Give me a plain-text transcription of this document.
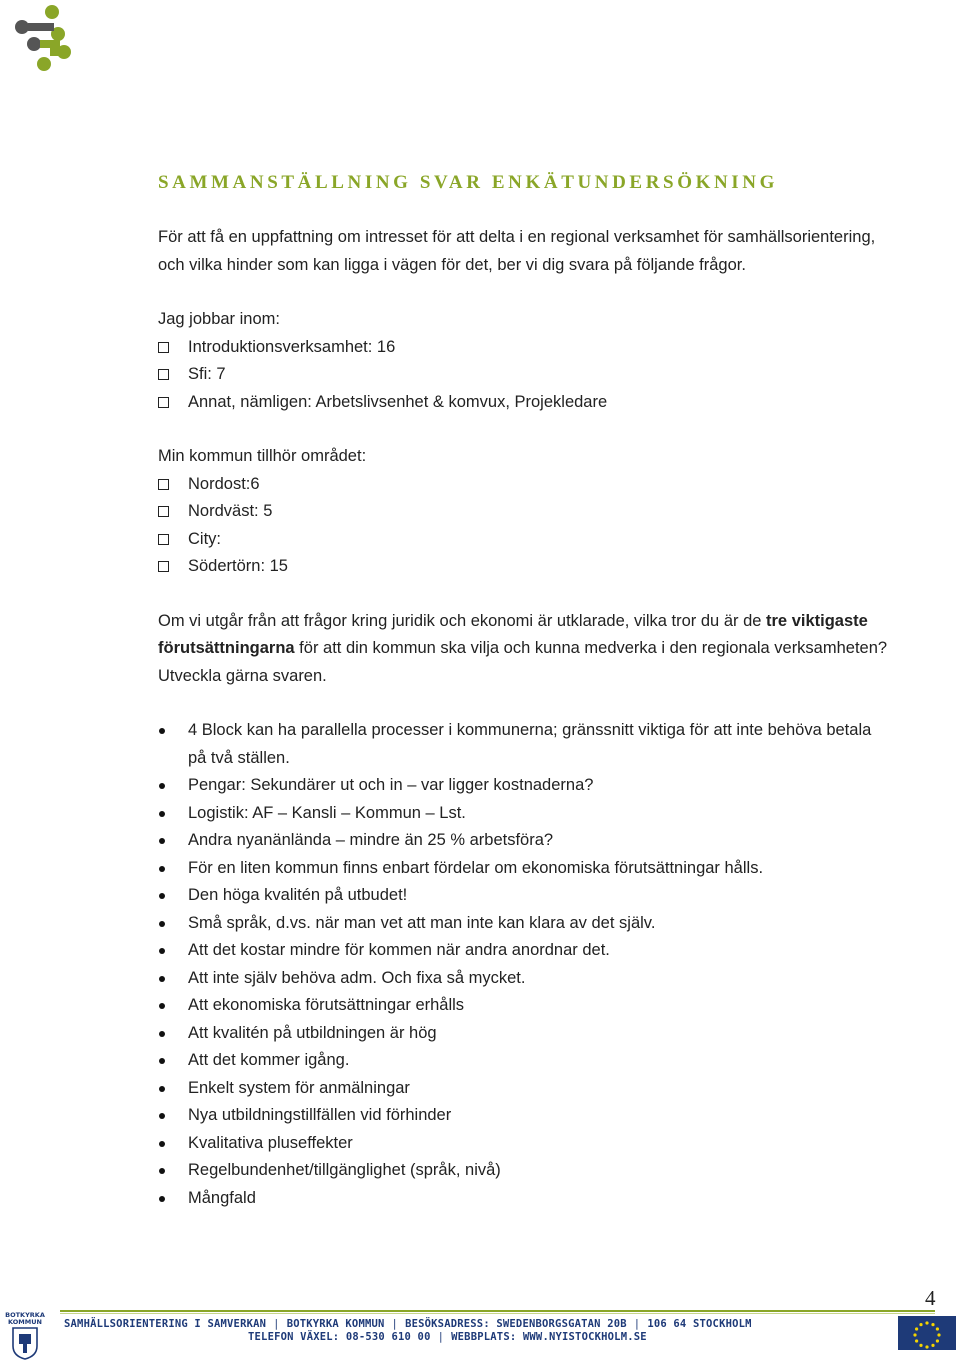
SAMMANSTÄLLNING SVAR ENKÄTUNDERSÖKNING

För att få en uppfattning om intresset för att delta i en regional verksamhet för samhällsorientering, och vilka hinder som kan ligga i vägen för det, ber vi dig svara på följande frågor.

Jag jobbar inom:

Introduktionsverksamhet: 16
Sfi: 7
Annat, nämligen: Arbetslivsenhet & komvux, Projekledare

Min kommun tillhör området:

Nordost:6
Nordväst: 5
City:
Södertörn: 15

Om vi utgår från att frågor kring juridik och ekonomi är utklarade, vilka tror du är de tre viktigaste förutsättningarna för att din kommun ska vilja och kunna medverka i den regionala verksamheten? Utveckla gärna svaren.

4 Block kan ha parallella processer i kommunerna; gränssnitt viktiga för att inte behöva betala på två ställen.
Pengar: Sekundärer ut och in – var ligger kostnaderna?
Logistik: AF – Kansli – Kommun – Lst.
Andra nyanänlända – mindre än 25 % arbetsföra?
För en liten kommun finns enbart fördelar om ekonomiska förutsättningar hålls.
Den höga kvalitén på utbudet!
Små språk, d.vs. när man vet att man inte kan klara av det själv.
Att det kostar mindre för kommen när andra anordnar det.
Att inte själv behöva adm. Och fixa så mycket.
Att ekonomiska förutsättningar erhålls
Att kvalitén på utbildningen är hög
Att det kommer igång.
Enkelt system för anmälningar
Nya utbildningstillfällen vid förhinder
Kvalitativa pluseffekter
Regelbundenhet/tillgänglighet (språk, nivå)
Mångfald
4
BOTKYRKA KOMMUN	SAMHÄLLSORIENTERING I SAMVERKAN | BOTKYRKA KOMMUN | BESÖKSADRESS: SWEDENBORGSGATAN 20B | 106 64 STOCKHOLM
TELEFON VÄXEL: 08-530 610 00 | WEBBPLATS: WWW.NYISTOCKHOLM.SE
